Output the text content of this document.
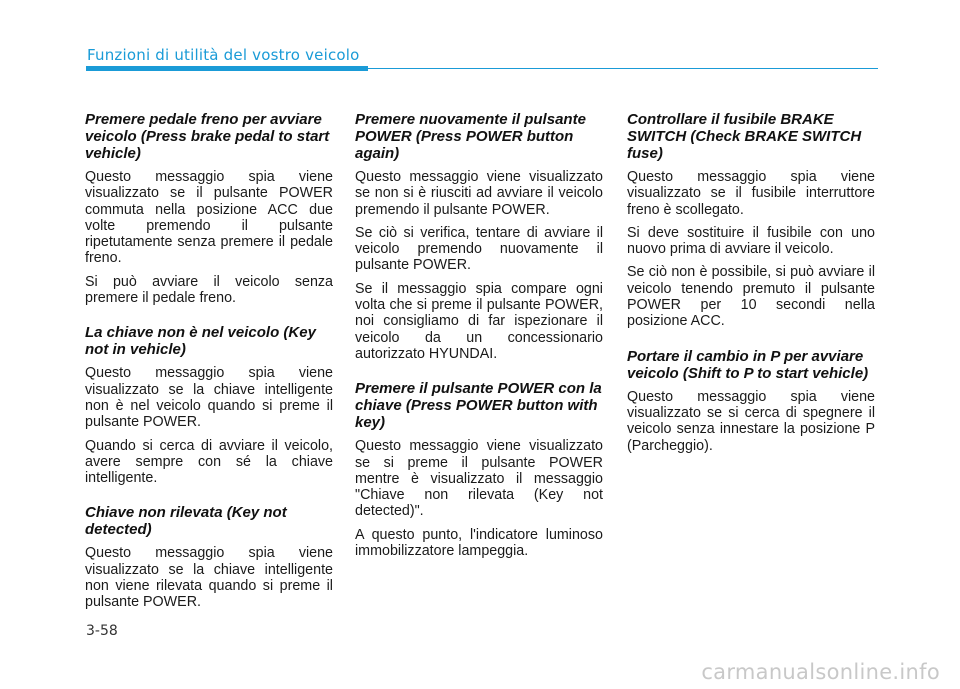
Funzioni di utilità del vostro veicolo
Premere pedale freno per avviare veicolo (Press brake pedal to start vehicle)

Questo messaggio spia viene visualizzato se il pulsante POWER commuta nella posizione ACC due volte premendo il pulsante ripetutamente senza premere il pedale freno.

Si può avviare il veicolo senza premere il pedale freno.

La chiave non è nel veicolo (Key not in vehicle)

Questo messaggio spia viene visualizzato se la chiave intelligente non è nel veicolo quando si preme il pulsante POWER.

Quando si cerca di avviare il veicolo, avere sempre con sé la chiave intelligente.

Chiave non rilevata (Key not detected)

Questo messaggio spia viene visualizzato se la chiave intelligente non viene rilevata quando si preme il pulsante POWER.

Premere nuovamente il pulsante POWER (Press POWER button again)

Questo messaggio viene visualizzato se non si è riusciti ad avviare il veicolo premendo il pulsante POWER.

Se ciò si verifica, tentare di avviare il veicolo premendo nuovamente il pulsante POWER.

Se il messaggio spia compare ogni volta che si preme il pulsante POWER, noi consigliamo di far ispezionare il veicolo da un concessionario autorizzato HYUNDAI.

Premere il pulsante POWER con la chiave (Press POWER button with key)

Questo messaggio viene visualizzato se si preme il pulsante POWER mentre è visualizzato il messaggio "Chiave non rilevata (Key not detected)".

A questo punto, l'indicatore luminoso immobilizzatore lampeggia.

Controllare il fusibile BRAKE SWITCH (Check BRAKE SWITCH fuse)

Questo messaggio spia viene visualizzato se il fusibile interruttore freno è scollegato.

Si deve sostituire il fusibile con uno nuovo prima di avviare il veicolo.

Se ciò non è possibile, si può avviare il veicolo tenendo premuto il pulsante POWER per 10 secondi nella posizione ACC.

Portare il cambio in P per avviare veicolo (Shift to P to start vehicle)

Questo messaggio spia viene visualizzato se si cerca di spegnere il veicolo senza innestare la posizione P (Parcheggio).

3-58
carmanualsonline.info
